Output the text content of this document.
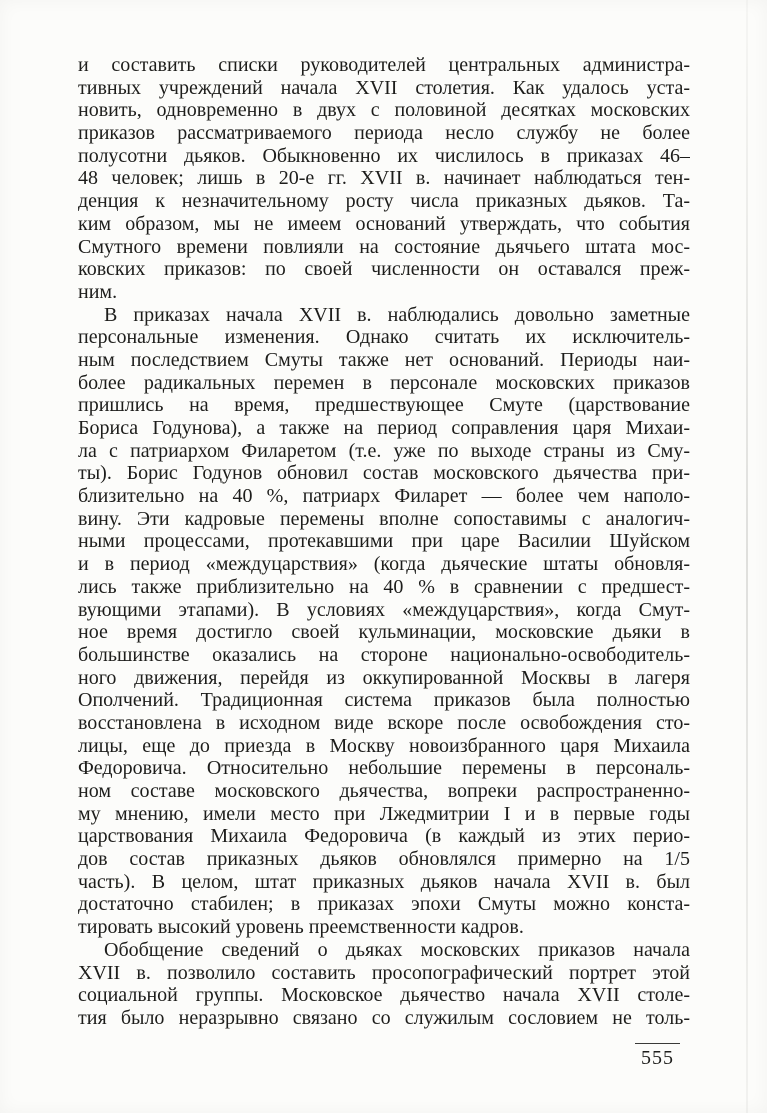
и составить списки руководителей центральных администра-
тивных учреждений начала XVII столетия. Как удалось уста-
новить, одновременно в двух с половиной десятках московских
приказов рассматриваемого периода несло службу не более
полусотни дьяков. Обыкновенно их числилось в приказах 46–
48 человек; лишь в 20-е гг. XVII в. начинает наблюдаться тен-
денция к незначительному росту числа приказных дьяков. Та-
ким образом, мы не имеем оснований утверждать, что события
Смутного времени повлияли на состояние дьячьего штата мос-
ковских приказов: по своей численности он оставался преж-
ним.
В приказах начала XVII в. наблюдались довольно заметные
персональные изменения. Однако считать их исключитель-
ным последствием Смуты также нет оснований. Периоды наи-
более радикальных перемен в персонале московских приказов
пришлись на время, предшествующее Смуте (царствование
Бориса Годунова), а также на период соправления царя Михаи-
ла с патриархом Филаретом (т.е. уже по выходе страны из Сму-
ты). Борис Годунов обновил состав московского дьячества при-
близительно на 40 %, патриарх Филарет — более чем наполо-
вину. Эти кадровые перемены вполне сопоставимы с аналогич-
ными процессами, протекавшими при царе Василии Шуйском
и в период «междуцарствия» (когда дьяческие штаты обновля-
лись также приблизительно на 40 % в сравнении с предшест-
вующими этапами). В условиях «междуцарствия», когда Смут-
ное время достигло своей кульминации, московские дьяки в
большинстве оказались на стороне национально-освободитель-
ного движения, перейдя из оккупированной Москвы в лагеря
Ополчений. Традиционная система приказов была полностью
восстановлена в исходном виде вскоре после освобождения сто-
лицы, еще до приезда в Москву новоизбранного царя Михаила
Федоровича. Относительно небольшие перемены в персональ-
ном составе московского дьячества, вопреки распространенно-
му мнению, имели место при Лжедмитрии I и в первые годы
царствования Михаила Федоровича (в каждый из этих перио-
дов состав приказных дьяков обновлялся примерно на 1/5
часть). В целом, штат приказных дьяков начала XVII в. был
достаточно стабилен; в приказах эпохи Смуты можно конста-
тировать высокий уровень преемственности кадров.
Обобщение сведений о дьяках московских приказов начала
XVII в. позволило составить просопографический портрет этой
социальной группы. Московское дьячество начала XVII столе-
тия было неразрывно связано со служилым сословием не толь-
555
